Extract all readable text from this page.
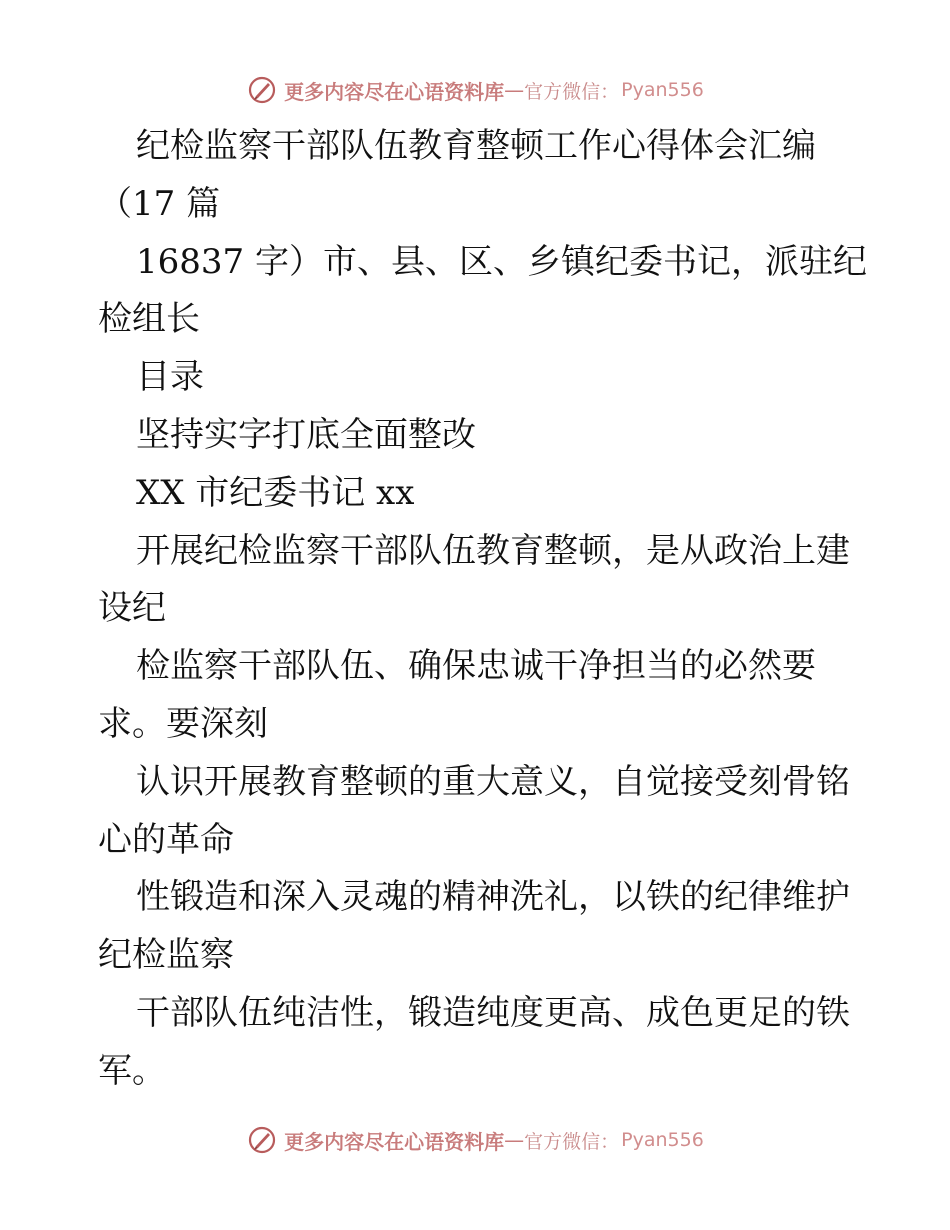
更多内容尽在心语资料库 — 官方微信： Pyan556
纪检监察干部队伍教育整顿工作心得体会汇编
（17 篇
16837 字）市、县、区、乡镇纪委书记，派驻纪
检组长
目录
坚持实字打底全面整改
XX 市纪委书记 xx
开展纪检监察干部队伍教育整顿，是从政治上建
设纪
检监察干部队伍、确保忠诚干净担当的必然要
求。要深刻
认识开展教育整顿的重大意义，自觉接受刻骨铭
心的革命
性锻造和深入灵魂的精神洗礼，以铁的纪律维护
纪检监察
干部队伍纯洁性，锻造纯度更高、成色更足的铁
军。
更多内容尽在心语资料库 — 官方微信： Pyan556
